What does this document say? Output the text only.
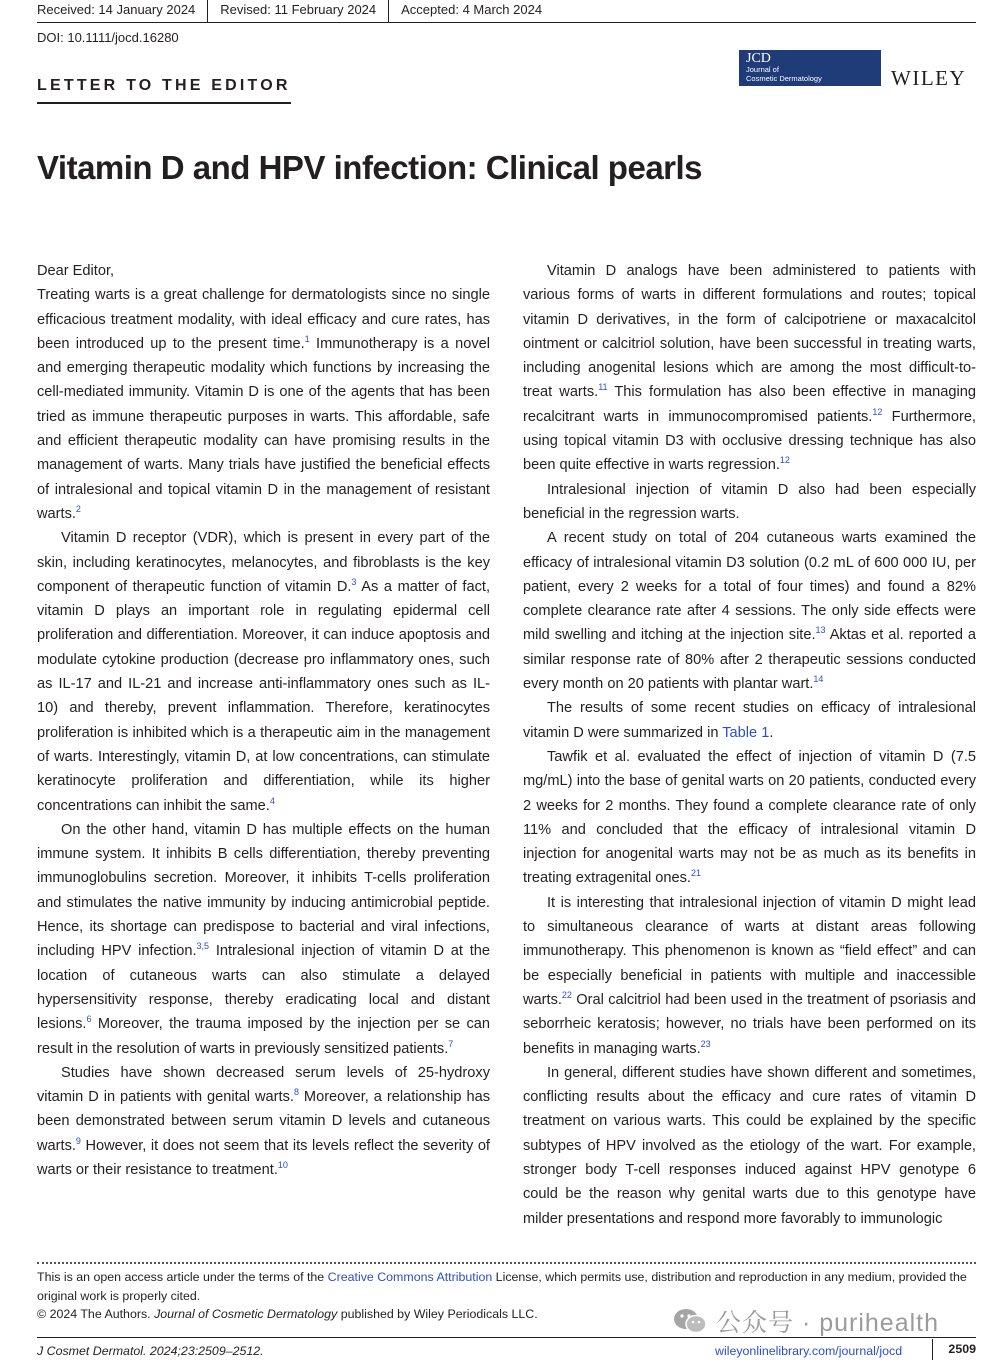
Received: 14 January 2024	Revised: 11 February 2024	Accepted: 4 March 2024
DOI: 10.1111/jocd.16280
LETTER TO THE EDITOR
JCD
Journal of
Cosmetic Dermatology	WILEY
Vitamin D and HPV infection: Clinical pearls

Dear Editor,

Treating warts is a great challenge for dermatologists since no single efficacious treatment modality, with ideal efficacy and cure rates, has been introduced up to the present time.$^1$ Immunotherapy is a novel and emerging therapeutic modality which functions by increasing the cell-mediated immunity. Vitamin D is one of the agents that has been tried as immune therapeutic purposes in warts. This affordable, safe and efficient therapeutic modality can have promising results in the management of warts. Many trials have justified the beneficial effects of intralesional and topical vitamin D in the management of resistant warts.$^2$

Vitamin D receptor (VDR), which is present in every part of the skin, including keratinocytes, melanocytes, and fibroblasts is the key component of therapeutic function of vitamin D.$^3$ As a matter of fact, vitamin D plays an important role in regulating epidermal cell proliferation and differentiation. Moreover, it can induce apoptosis and modulate cytokine production (decrease pro inflammatory ones, such as IL-17 and IL-21 and increase anti-inflammatory ones such as IL-10) and thereby, prevent inflammation. Therefore, keratinocytes proliferation is inhibited which is a therapeutic aim in the management of warts. Interestingly, vitamin D, at low concentrations, can stimulate keratinocyte proliferation and differentiation, while its higher concentrations can inhibit the same.$^4$

On the other hand, vitamin D has multiple effects on the human immune system. It inhibits B cells differentiation, thereby preventing immunoglobulins secretion. Moreover, it inhibits T-cells proliferation and stimulates the native immunity by inducing antimicrobial peptide. Hence, its shortage can predispose to bacterial and viral infections, including HPV infection.$^{3,5}$ Intralesional injection of vitamin D at the location of cutaneous warts can also stimulate a delayed hypersensitivity response, thereby eradicating local and distant lesions.$^6$ Moreover, the trauma imposed by the injection per se can result in the resolution of warts in previously sensitized patients.$^7$

Studies have shown decreased serum levels of 25-hydroxy vitamin D in patients with genital warts.$^8$ Moreover, a relationship has been demonstrated between serum vitamin D levels and cutaneous warts.$^9$ However, it does not seem that its levels reflect the severity of warts or their resistance to treatment.$^{10}$

Vitamin D analogs have been administered to patients with various forms of warts in different formulations and routes; topical vitamin D derivatives, in the form of calcipotriene or maxacalcitol ointment or calcitriol solution, have been successful in treating warts, including anogenital lesions which are among the most difficult-to-treat warts.$^{11}$ This formulation has also been effective in managing recalcitrant warts in immunocompromised patients.$^{12}$ Furthermore, using topical vitamin D3 with occlusive dressing technique has also been quite effective in warts regression.$^{12}$

Intralesional injection of vitamin D also had been especially beneficial in the regression warts.

A recent study on total of 204 cutaneous warts examined the efficacy of intralesional vitamin D3 solution (0.2 mL of 600 000 IU, per patient, every 2 weeks for a total of four times) and found a 82% complete clearance rate after 4 sessions. The only side effects were mild swelling and itching at the injection site.$^{13}$ Aktas et al. reported a similar response rate of 80% after 2 therapeutic sessions conducted every month on 20 patients with plantar wart.$^{14}$

The results of some recent studies on efficacy of intralesional vitamin D were summarized in Table 1.

Tawfik et al. evaluated the effect of injection of vitamin D (7.5 mg/mL) into the base of genital warts on 20 patients, conducted every 2 weeks for 2 months. They found a complete clearance rate of only 11% and concluded that the efficacy of intralesional vitamin D injection for anogenital warts may not be as much as its benefits in treating extragenital ones.$^{21}$

It is interesting that intralesional injection of vitamin D might lead to simultaneous clearance of warts at distant areas following immunotherapy. This phenomenon is known as “field effect” and can be especially beneficial in patients with multiple and inaccessible warts.$^{22}$ Oral calcitriol had been used in the treatment of psoriasis and seborrheic keratosis; however, no trials have been performed on its benefits in managing warts.$^{23}$

In general, different studies have shown different and sometimes, conflicting results about the efficacy and cure rates of vitamin D treatment on various warts. This could be explained by the specific subtypes of HPV involved as the etiology of the wart. For example, stronger body T-cell responses induced against HPV genotype 6 could be the reason why genital warts due to this genotype have milder presentations and respond more favorably to immunologic

This is an open access article under the terms of the Creative Commons Attribution License, which permits use, distribution and reproduction in any medium, provided the original work is properly cited.
© 2024 The Authors. Journal of Cosmetic Dermatology published by Wiley Periodicals LLC.	公众号 · purihealth
J Cosmet Dermatol. 2024;23:2509–2512.	wileyonlinelibrary.com/journal/jocd	2509
